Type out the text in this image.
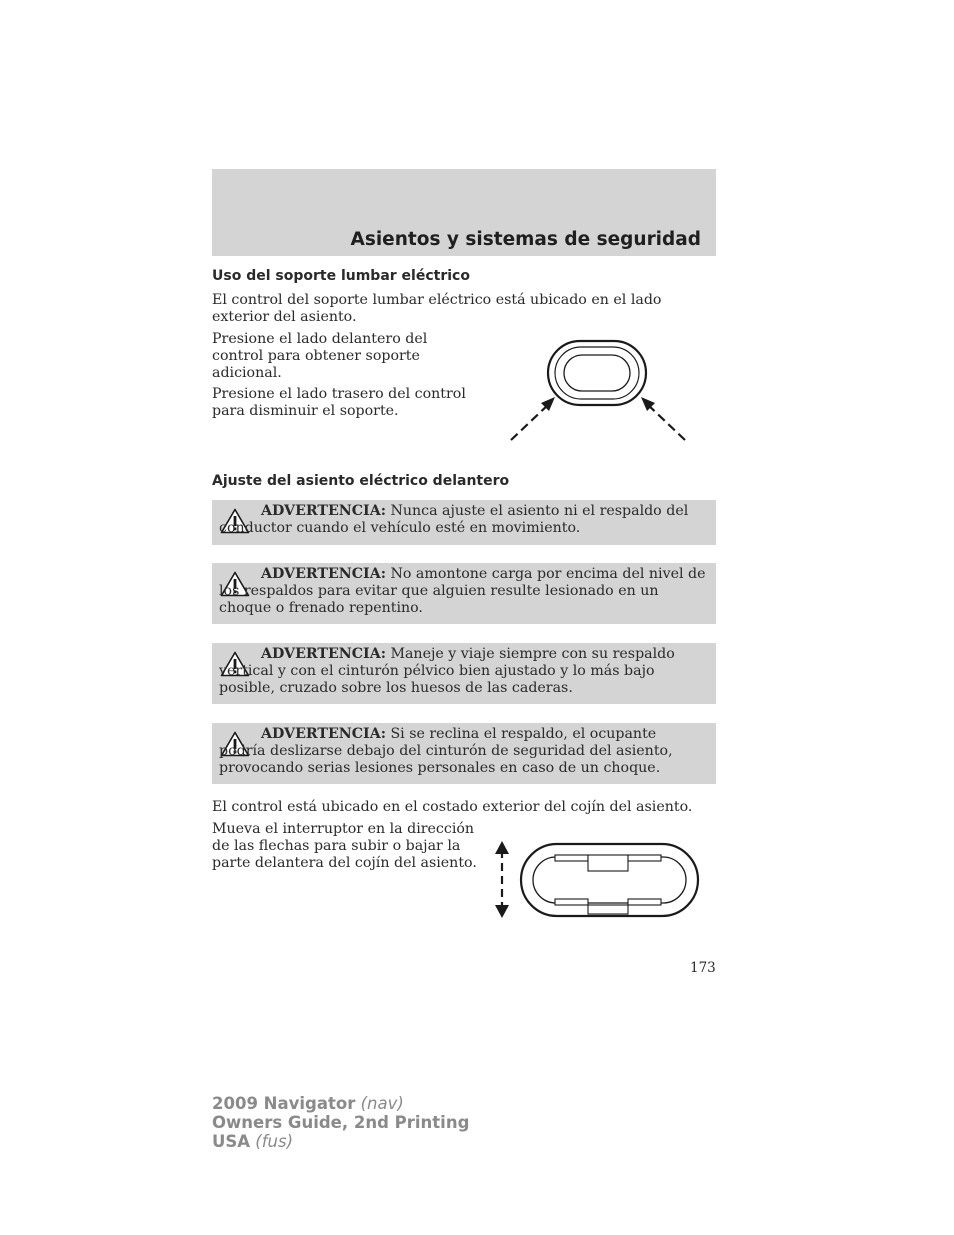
Asientos y sistemas de seguridad
Uso del soporte lumbar eléctrico
El control del soporte lumbar eléctrico está ubicado en el lado exterior del asiento.
Presione el lado delantero del control para obtener soporte adicional.
Presione el lado trasero del control para disminuir el soporte.
Ajuste del asiento eléctrico delantero
ADVERTENCIA: Nunca ajuste el asiento ni el respaldo del conductor cuando el vehículo esté en movimiento.
ADVERTENCIA: No amontone carga por encima del nivel de los respaldos para evitar que alguien resulte lesionado en un choque o frenado repentino.
ADVERTENCIA: Maneje y viaje siempre con su respaldo vertical y con el cinturón pélvico bien ajustado y lo más bajo posible, cruzado sobre los huesos de las caderas.
ADVERTENCIA: Si se reclina el respaldo, el ocupante podría deslizarse debajo del cinturón de seguridad del asiento, provocando serias lesiones personales en caso de un choque.
El control está ubicado en el costado exterior del cojín del asiento.
Mueva el interruptor en la dirección de las flechas para subir o bajar la parte delantera del cojín del asiento.
173
2009 Navigator (nav)
Owners Guide, 2nd Printing
USA (fus)
